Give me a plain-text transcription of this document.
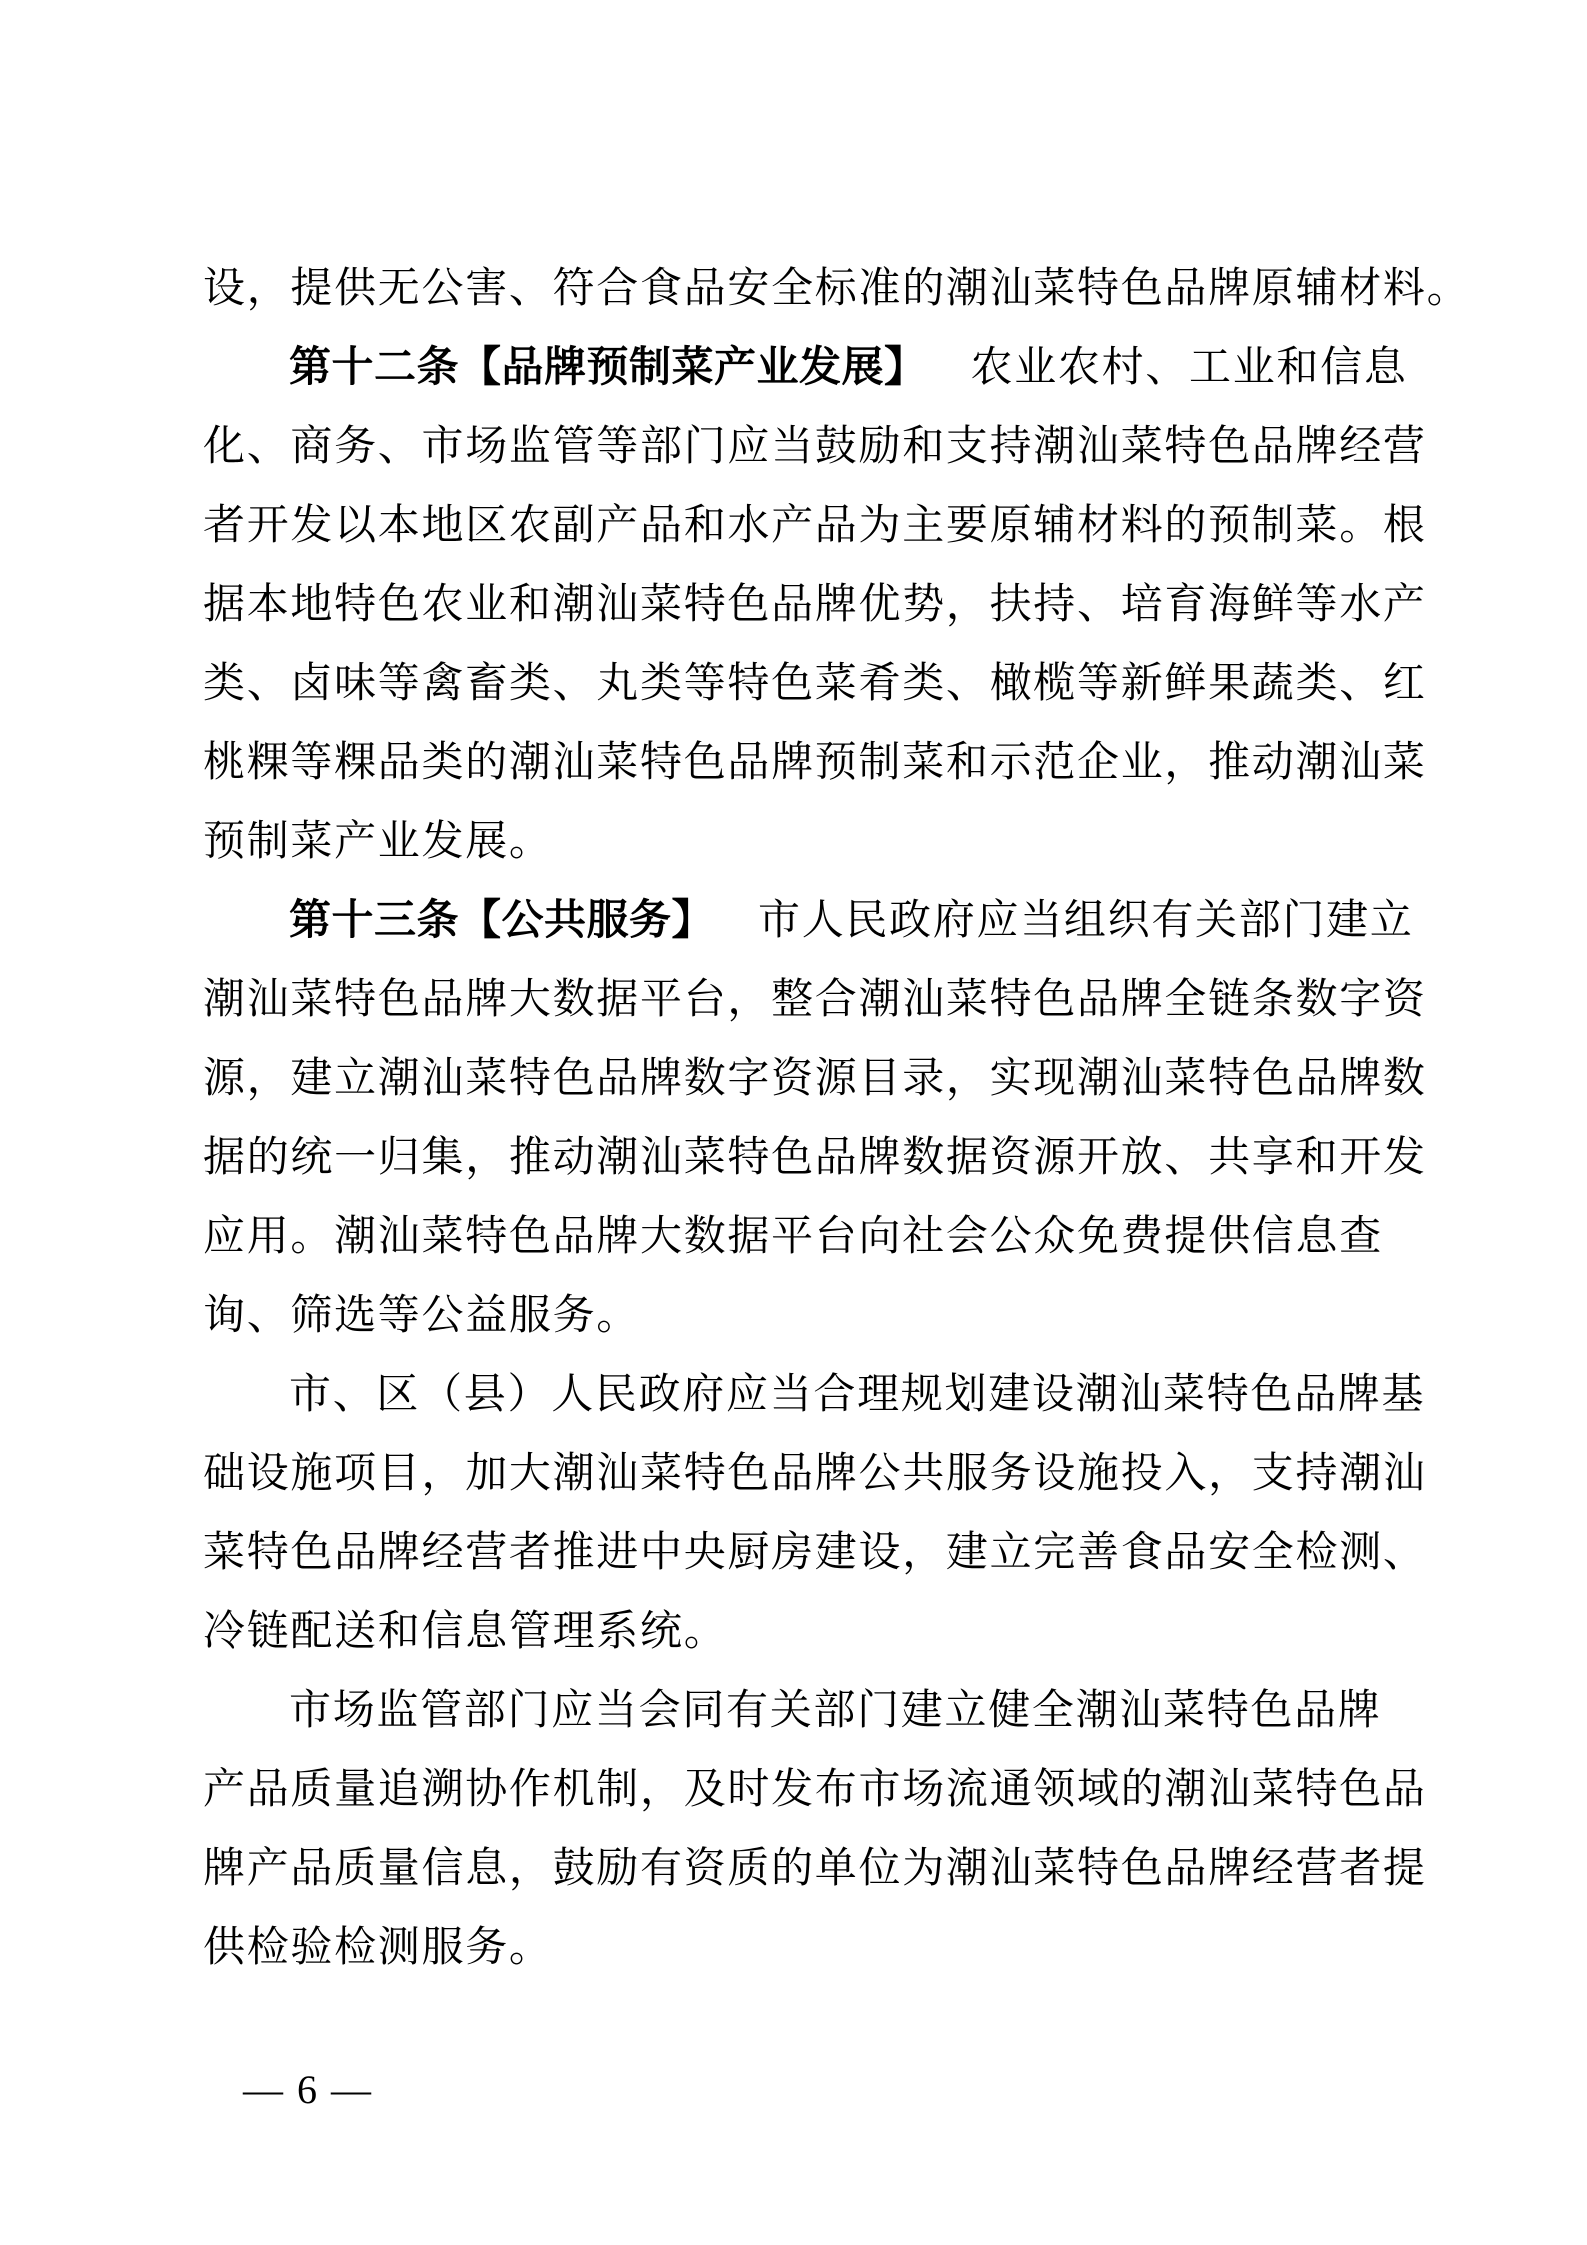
设，提供无公害、符合食品安全标准的潮汕菜特色品牌原辅材料。
第十二条【品牌预制菜产业发展】 农业农村、工业和信息
化、商务、市场监管等部门应当鼓励和支持潮汕菜特色品牌经营
者开发以本地区农副产品和水产品为主要原辅材料的预制菜。根
据本地特色农业和潮汕菜特色品牌优势，扶持、培育海鲜等水产
类、卤味等禽畜类、丸类等特色菜肴类、橄榄等新鲜果蔬类、红
桃粿等粿品类的潮汕菜特色品牌预制菜和示范企业，推动潮汕菜
预制菜产业发展。
第十三条【公共服务】 市人民政府应当组织有关部门建立
潮汕菜特色品牌大数据平台，整合潮汕菜特色品牌全链条数字资
源，建立潮汕菜特色品牌数字资源目录，实现潮汕菜特色品牌数
据的统一归集，推动潮汕菜特色品牌数据资源开放、共享和开发
应用。潮汕菜特色品牌大数据平台向社会公众免费提供信息查
询、筛选等公益服务。
市、区（县）人民政府应当合理规划建设潮汕菜特色品牌基
础设施项目，加大潮汕菜特色品牌公共服务设施投入，支持潮汕
菜特色品牌经营者推进中央厨房建设，建立完善食品安全检测、
冷链配送和信息管理系统。
市场监管部门应当会同有关部门建立健全潮汕菜特色品牌
产品质量追溯协作机制，及时发布市场流通领域的潮汕菜特色品
牌产品质量信息，鼓励有资质的单位为潮汕菜特色品牌经营者提
供检验检测服务。
— 6 —
